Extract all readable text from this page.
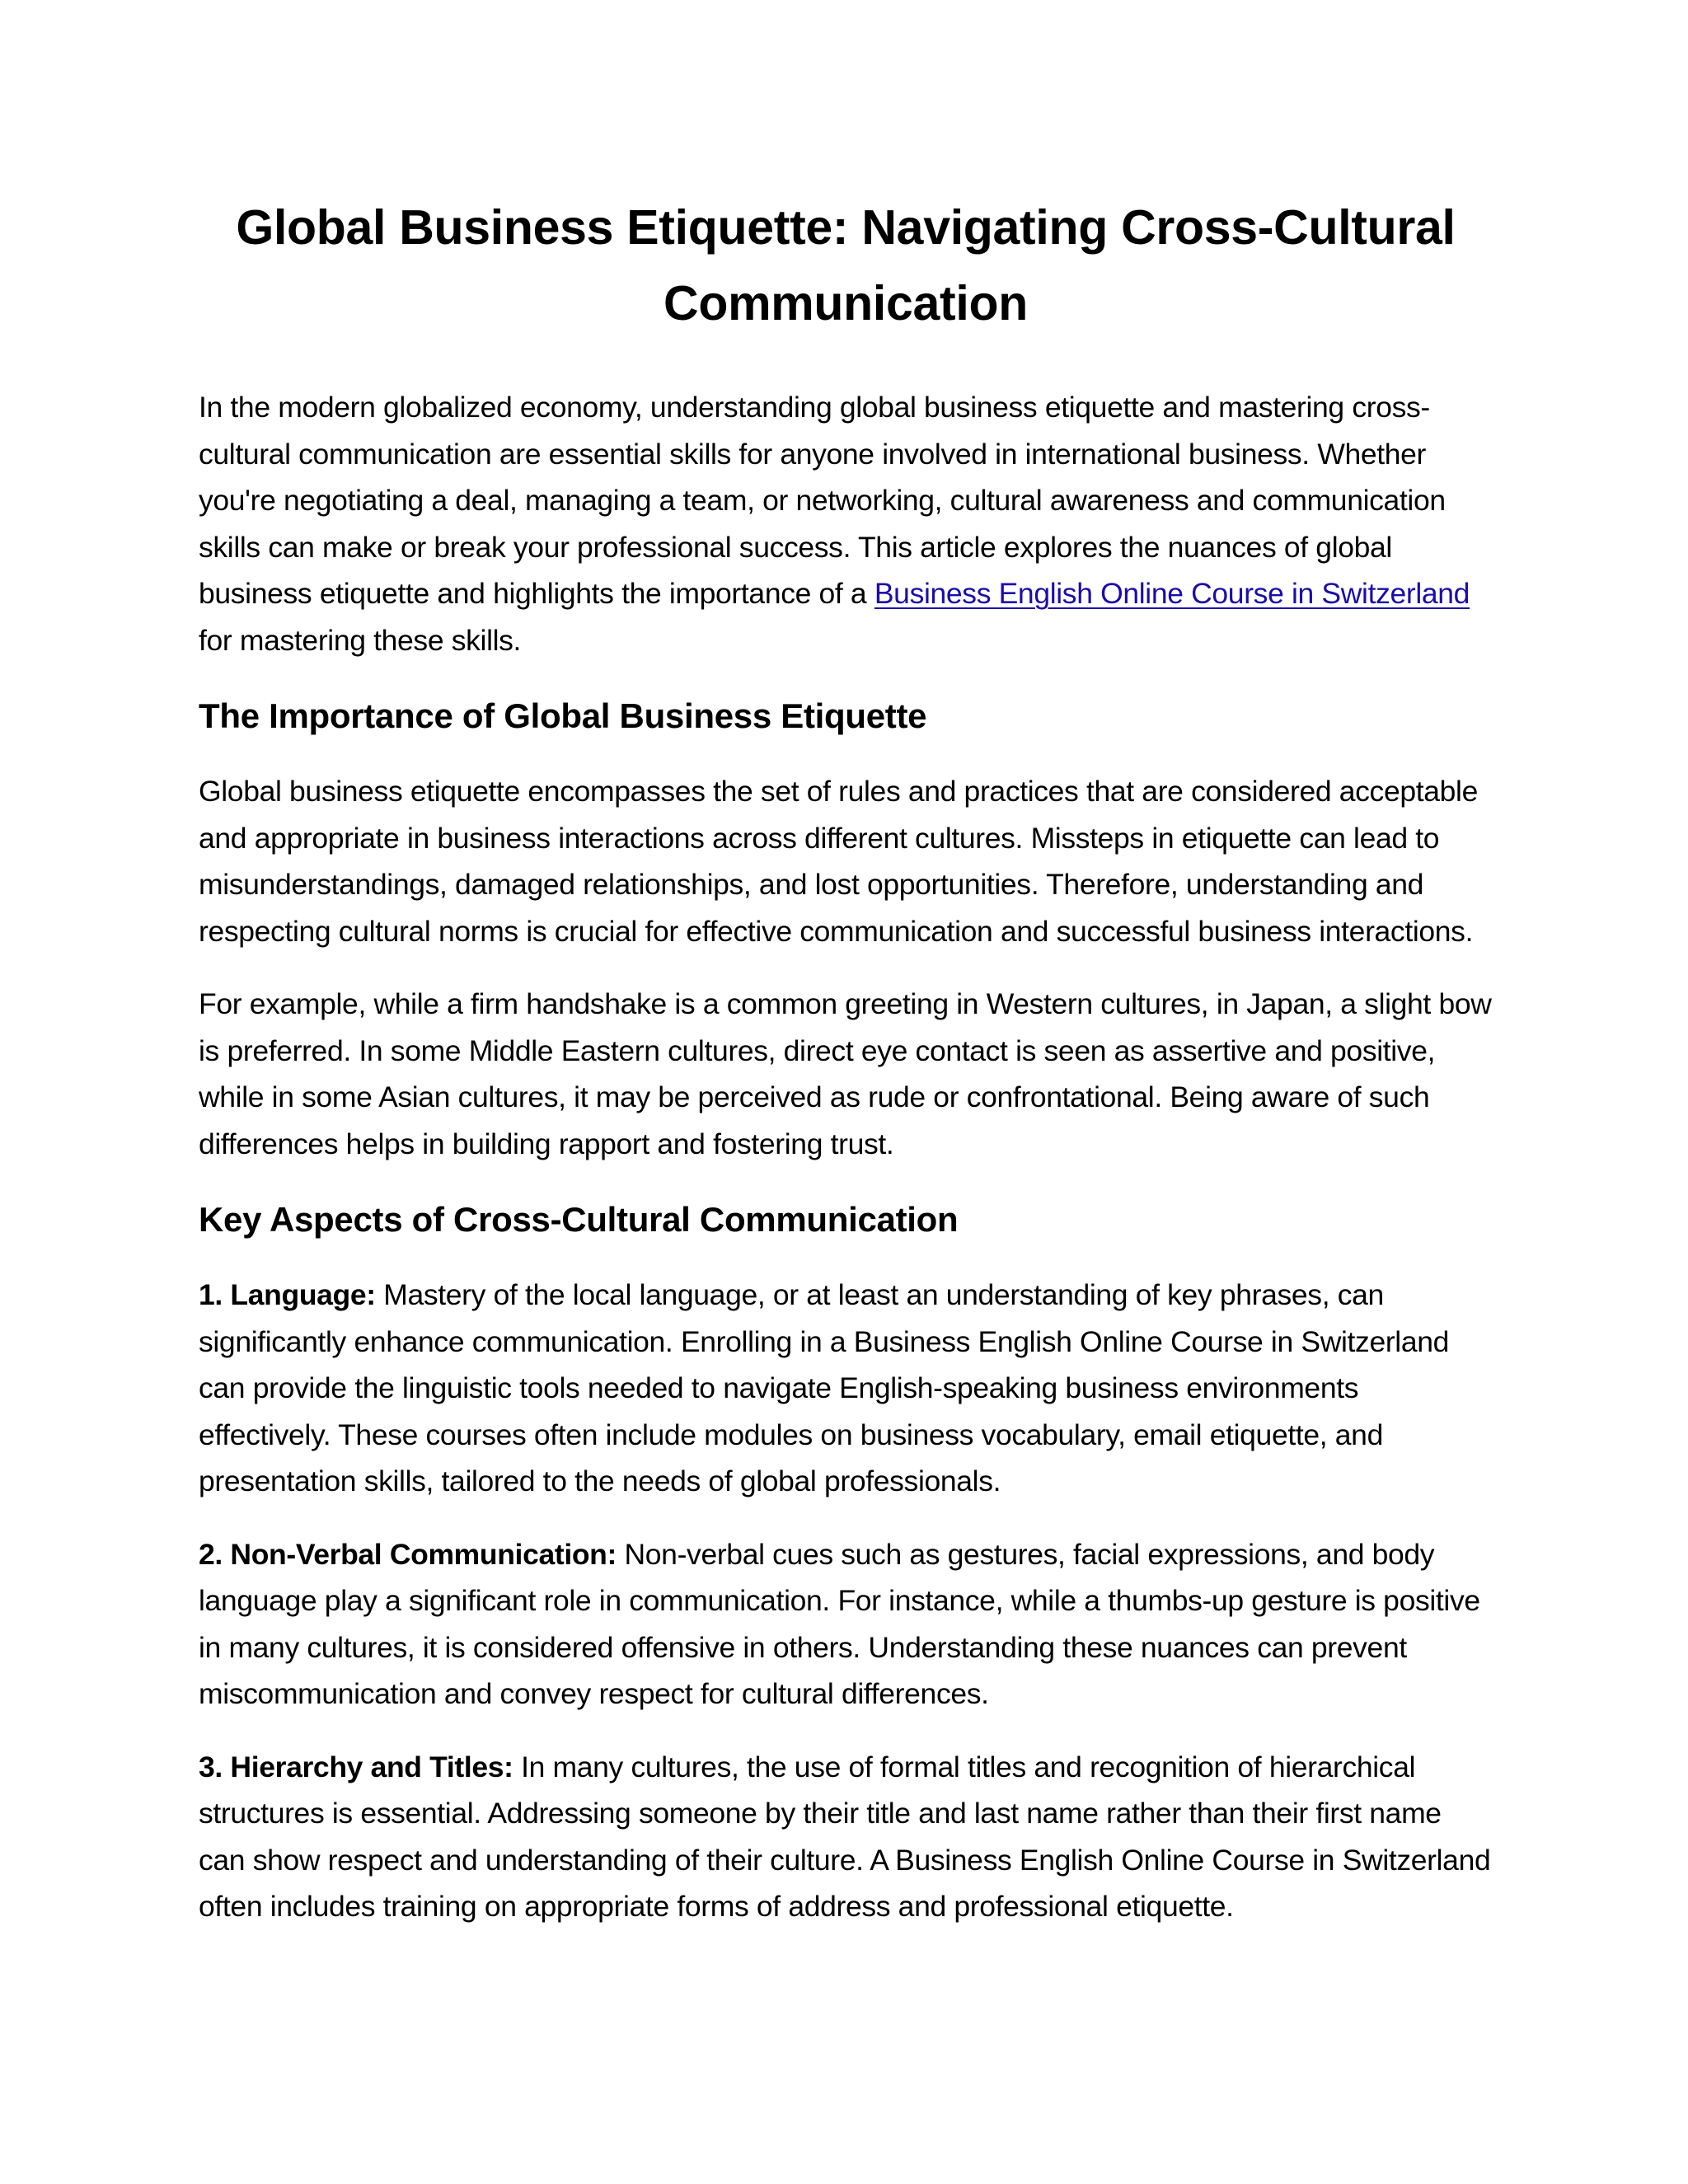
Global Business Etiquette: Navigating Cross-Cultural Communication

In the modern globalized economy, understanding global business etiquette and mastering cross-cultural communication are essential skills for anyone involved in international business. Whether you're negotiating a deal, managing a team, or networking, cultural awareness and communication skills can make or break your professional success. This article explores the nuances of global business etiquette and highlights the importance of a Business English Online Course in Switzerland for mastering these skills.

The Importance of Global Business Etiquette

Global business etiquette encompasses the set of rules and practices that are considered acceptable and appropriate in business interactions across different cultures. Missteps in etiquette can lead to misunderstandings, damaged relationships, and lost opportunities. Therefore, understanding and respecting cultural norms is crucial for effective communication and successful business interactions.

For example, while a firm handshake is a common greeting in Western cultures, in Japan, a slight bow is preferred. In some Middle Eastern cultures, direct eye contact is seen as assertive and positive, while in some Asian cultures, it may be perceived as rude or confrontational. Being aware of such differences helps in building rapport and fostering trust.

Key Aspects of Cross-Cultural Communication

1. Language: Mastery of the local language, or at least an understanding of key phrases, can significantly enhance communication. Enrolling in a Business English Online Course in Switzerland can provide the linguistic tools needed to navigate English-speaking business environments effectively. These courses often include modules on business vocabulary, email etiquette, and presentation skills, tailored to the needs of global professionals.

2. Non-Verbal Communication: Non-verbal cues such as gestures, facial expressions, and body language play a significant role in communication. For instance, while a thumbs-up gesture is positive in many cultures, it is considered offensive in others. Understanding these nuances can prevent miscommunication and convey respect for cultural differences.

3. Hierarchy and Titles: In many cultures, the use of formal titles and recognition of hierarchical structures is essential. Addressing someone by their title and last name rather than their first name can show respect and understanding of their culture. A Business English Online Course in Switzerland often includes training on appropriate forms of address and professional etiquette.
